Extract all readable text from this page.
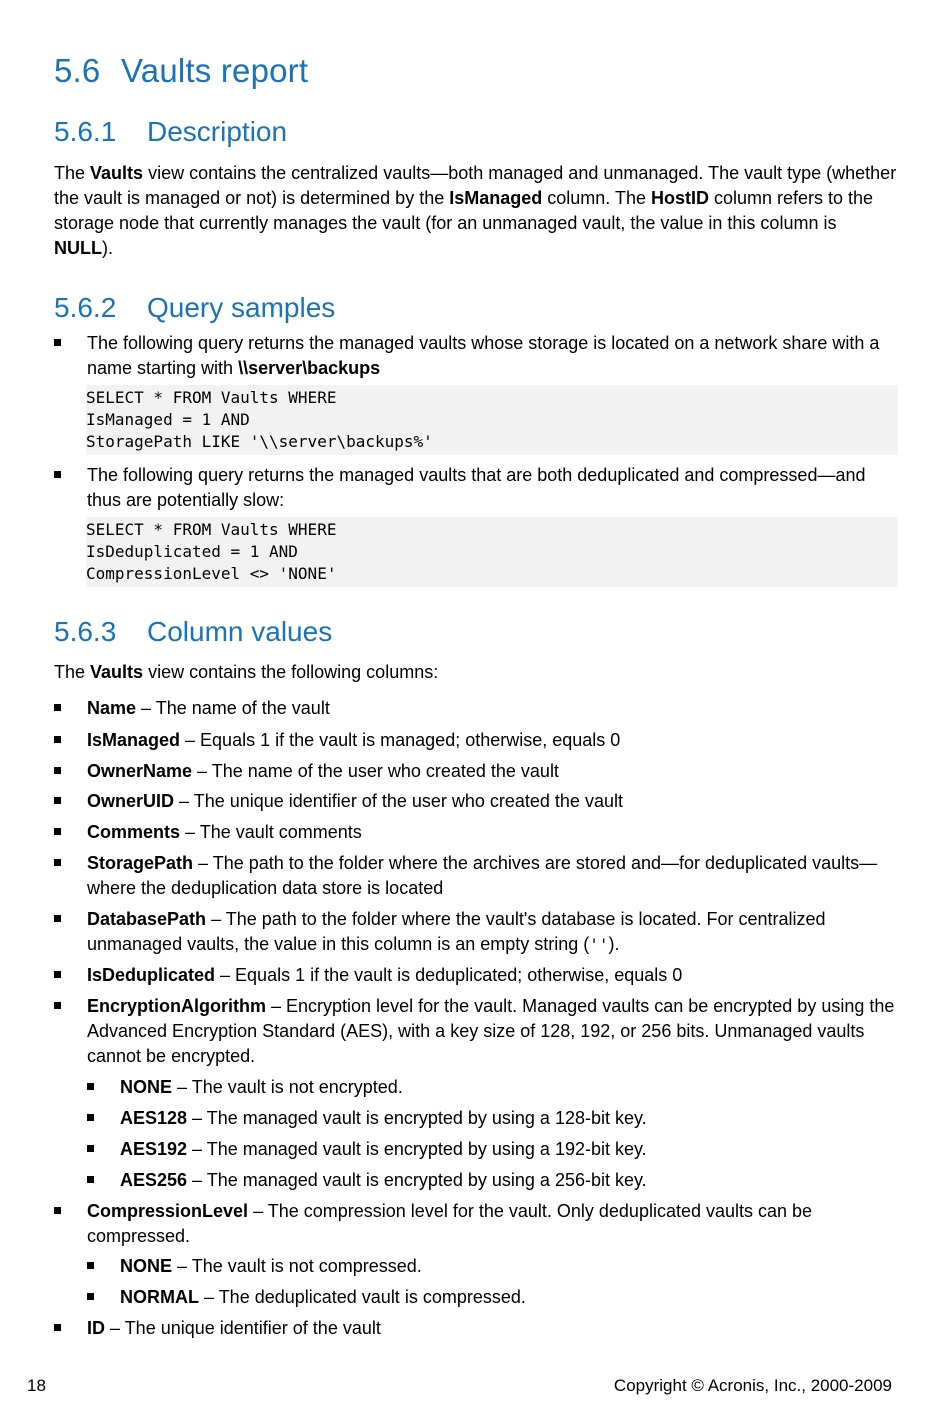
5.6 Vaults report
5.6.1 Description
The Vaults view contains the centralized vaults—both managed and unmanaged. The vault type (whether the vault is managed or not) is determined by the IsManaged column. The HostID column refers to the storage node that currently manages the vault (for an unmanaged vault, the value in this column is NULL).
5.6.2 Query samples
The following query returns the managed vaults whose storage is located on a network share with a name starting with \\server\backups
SELECT * FROM Vaults WHERE
IsManaged = 1 AND
StoragePath LIKE '\\server\backups%'
The following query returns the managed vaults that are both deduplicated and compressed—and thus are potentially slow:
SELECT * FROM Vaults WHERE
IsDeduplicated = 1 AND
CompressionLevel <> 'NONE'
5.6.3 Column values
The Vaults view contains the following columns:
Name – The name of the vault
IsManaged – Equals 1 if the vault is managed; otherwise, equals 0
OwnerName – The name of the user who created the vault
OwnerUID – The unique identifier of the user who created the vault
Comments – The vault comments
StoragePath – The path to the folder where the archives are stored and—for deduplicated vaults—where the deduplication data store is located
DatabasePath – The path to the folder where the vault's database is located. For centralized unmanaged vaults, the value in this column is an empty string ('').
IsDeduplicated – Equals 1 if the vault is deduplicated; otherwise, equals 0
EncryptionAlgorithm – Encryption level for the vault. Managed vaults can be encrypted by using the Advanced Encryption Standard (AES), with a key size of 128, 192, or 256 bits. Unmanaged vaults cannot be encrypted.
NONE – The vault is not encrypted.
AES128 – The managed vault is encrypted by using a 128-bit key.
AES192 – The managed vault is encrypted by using a 192-bit key.
AES256 – The managed vault is encrypted by using a 256-bit key.
CompressionLevel – The compression level for the vault. Only deduplicated vaults can be compressed.
NONE – The vault is not compressed.
NORMAL – The deduplicated vault is compressed.
ID – The unique identifier of the vault
18	Copyright © Acronis, Inc., 2000-2009
